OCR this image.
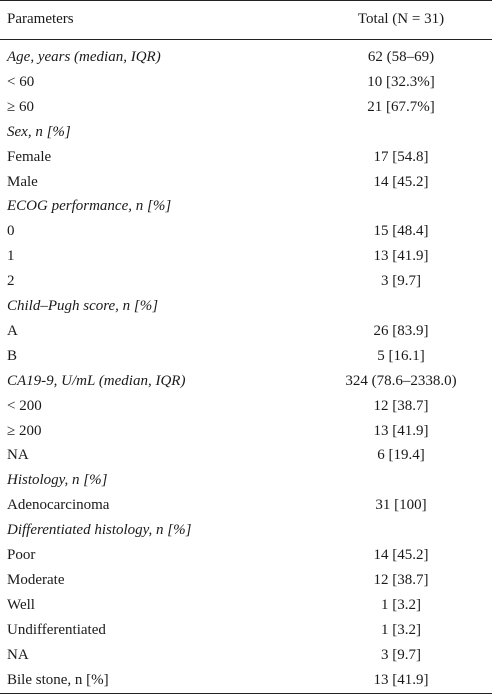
Parameters	Total (N = 31)
Age, years (median, IQR)	62 (58–69)
< 60	10 [32.3%]
≥ 60	21 [67.7%]
Sex, n [%]
Female	17 [54.8]
Male	14 [45.2]
ECOG performance, n [%]
0	15 [48.4]
1	13 [41.9]
2	3 [9.7]
Child–Pugh score, n [%]
A	26 [83.9]
B	5 [16.1]
CA19-9, U/mL (median, IQR)	324 (78.6–2338.0)
< 200	12 [38.7]
≥ 200	13 [41.9]
NA	6 [19.4]
Histology, n [%]
Adenocarcinoma	31 [100]
Differentiated histology, n [%]
Poor	14 [45.2]
Moderate	12 [38.7]
Well	1 [3.2]
Undifferentiated	1 [3.2]
NA	3 [9.7]
Bile stone, n [%]	13 [41.9]
